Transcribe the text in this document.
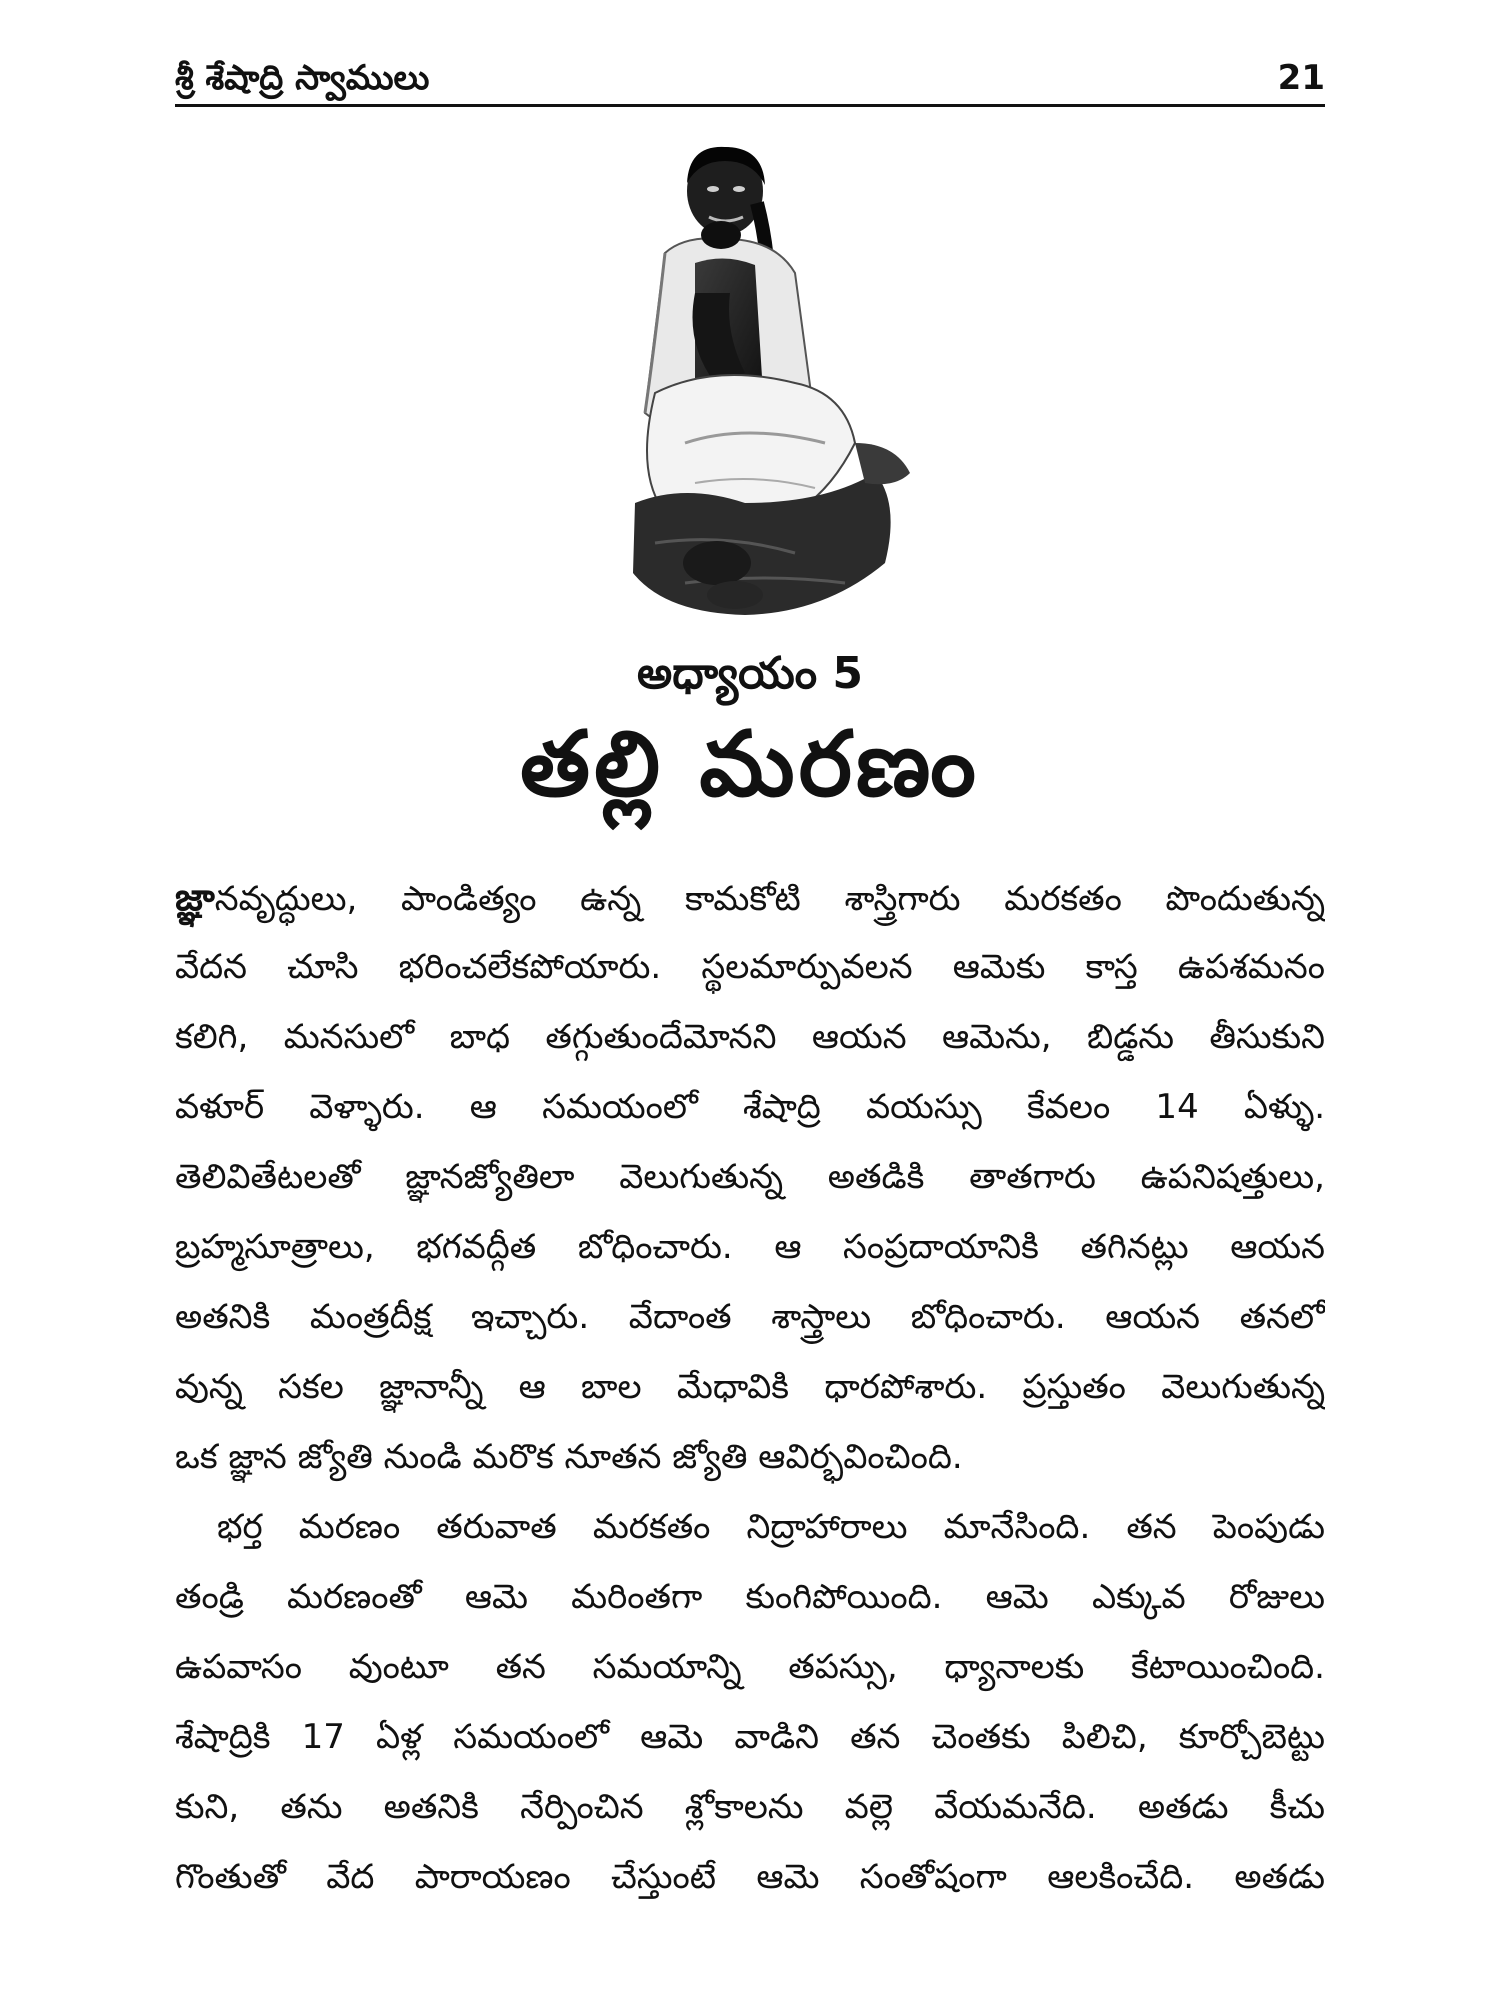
శ్రీ శేషాద్రి స్వాములు	21
అధ్యాయం 5
తల్లి మరణం
జ్ఞానవృద్ధులు, పాండిత్యం ఉన్న కామకోటి శాస్త్రిగారు మరకతం పొందుతున్న
వేదన చూసి భరించలేకపోయారు. స్థలమార్పువలన ఆమెకు కాస్త ఉపశమనం
కలిగి, మనసులో బాధ తగ్గుతుందేమోనని ఆయన ఆమెను, బిడ్డను తీసుకుని
వళూర్ వెళ్ళారు. ఆ సమయంలో శేషాద్రి వయస్సు కేవలం 14 ఏళ్ళు.
తెలివితేటలతో జ్ఞానజ్యోతిలా వెలుగుతున్న అతడికి తాతగారు ఉపనిషత్తులు,
బ్రహ్మసూత్రాలు, భగవద్గీత బోధించారు. ఆ సంప్రదాయానికి తగినట్లు ఆయన
అతనికి మంత్రదీక్ష ఇచ్చారు. వేదాంత శాస్త్రాలు బోధించారు. ఆయన తనలో
వున్న సకల జ్ఞానాన్నీ ఆ బాల మేధావికి ధారపోశారు. ప్రస్తుతం వెలుగుతున్న
ఒక జ్ఞాన జ్యోతి నుండి మరొక నూతన జ్యోతి ఆవిర్భవించింది.
భర్త మరణం తరువాత మరకతం నిద్రాహారాలు మానేసింది. తన పెంపుడు
తండ్రి మరణంతో ఆమె మరింతగా కుంగిపోయింది. ఆమె ఎక్కువ రోజులు
ఉపవాసం వుంటూ తన సమయాన్ని తపస్సు, ధ్యానాలకు కేటాయించింది.
శేషాద్రికి 17 ఏళ్ల సమయంలో ఆమె వాడిని తన చెంతకు పిలిచి, కూర్చోబెట్టు
కుని, తను అతనికి నేర్పించిన శ్లోకాలను వల్లె వేయమనేది. అతడు కీచు
గొంతుతో వేద పారాయణం చేస్తుంటే ఆమె సంతోషంగా ఆలకించేది. అతడు
